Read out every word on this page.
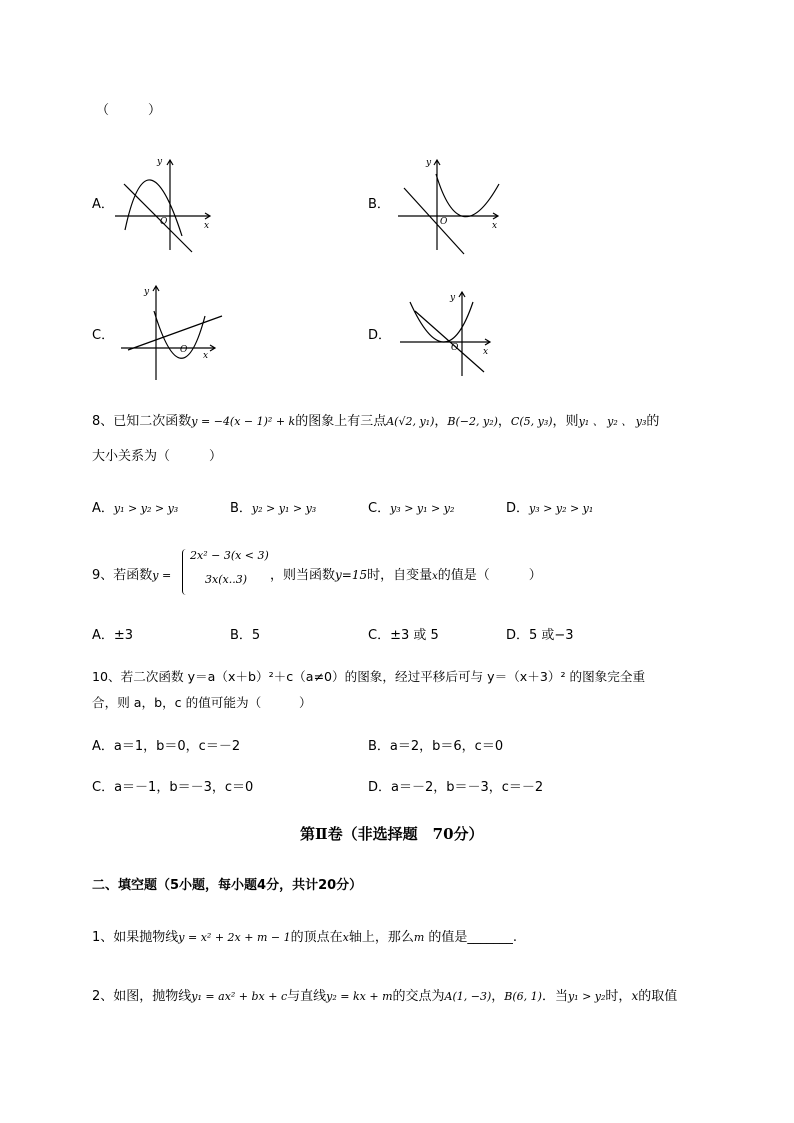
（　　　）
A．
O	x
y
B．
O	x
y
C．
O
x
y
D．
O	x
y
8、已知二次函数y = −4(x − 1)² + k的图象上有三点A(√2, y₁)，B(−2, y₂)，C(5, y₃)，则y₁ 、 y₂ 、 y₃的
大小关系为（　　　）
A．y₁ > y₂ > y₃	B．y₂ > y₁ > y₃	C．y₃ > y₁ > y₂	D．y₃ > y₂ > y₁
9、若函数y =
2x² − 3(x < 3)
3x(x..3) ，则当函数y=15时，自变量x的值是（　　　）
A．±3	B．5	C．±3 或 5	D．5 或−3
10、若二次函数 y＝a（x＋b）²＋c（a≠0）的图象，经过平移后可与 y＝（x＋3）² 的图象完全重
合，则 a，b，c 的值可能为（　　　）
A．a＝1，b＝0，c＝－2	B．a＝2，b＝6，c＝0
C．a＝－1，b＝－3，c＝0	D．a＝－2，b＝－3，c＝－2
第Ⅱ卷（非选择题　70分）
二、填空题（5小题，每小题4分，共计20分）
1、如果抛物线y = x² + 2x + m − 1的顶点在x轴上，那么m 的值是_______.
2、如图，抛物线y₁ = ax² + bx + c与直线y₂ = kx + m的交点为A(1, −3)，B(6, 1)．当y₁ > y₂时，x的取值
